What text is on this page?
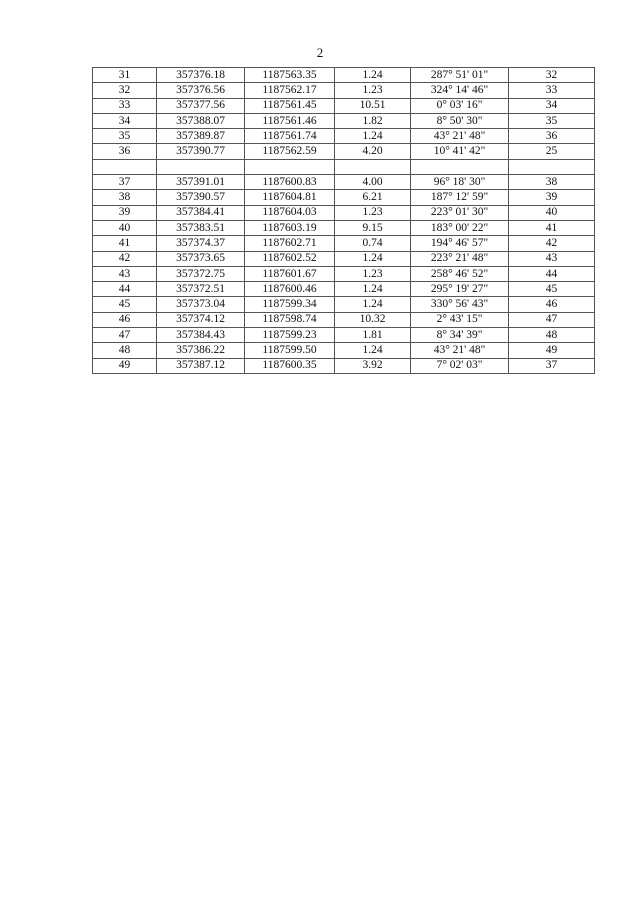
2
31	357376.18	1187563.35	1.24	287° 51' 01"	32
32	357376.56	1187562.17	1.23	324° 14' 46"	33
33	357377.56	1187561.45	10.51	0° 03' 16"	34
34	357388.07	1187561.46	1.82	8° 50' 30"	35
35	357389.87	1187561.74	1.24	43° 21' 48"	36
36	357390.77	1187562.59	4.20	10° 41' 42"	25

37	357391.01	1187600.83	4.00	96° 18' 30"	38
38	357390.57	1187604.81	6.21	187° 12' 59"	39
39	357384.41	1187604.03	1.23	223° 01' 30"	40
40	357383.51	1187603.19	9.15	183° 00' 22"	41
41	357374.37	1187602.71	0.74	194° 46' 57"	42
42	357373.65	1187602.52	1.24	223° 21' 48"	43
43	357372.75	1187601.67	1.23	258° 46' 52"	44
44	357372.51	1187600.46	1.24	295° 19' 27"	45
45	357373.04	1187599.34	1.24	330° 56' 43"	46
46	357374.12	1187598.74	10.32	2° 43' 15"	47
47	357384.43	1187599.23	1.81	8° 34' 39"	48
48	357386.22	1187599.50	1.24	43° 21' 48"	49
49	357387.12	1187600.35	3.92	7° 02' 03"	37
